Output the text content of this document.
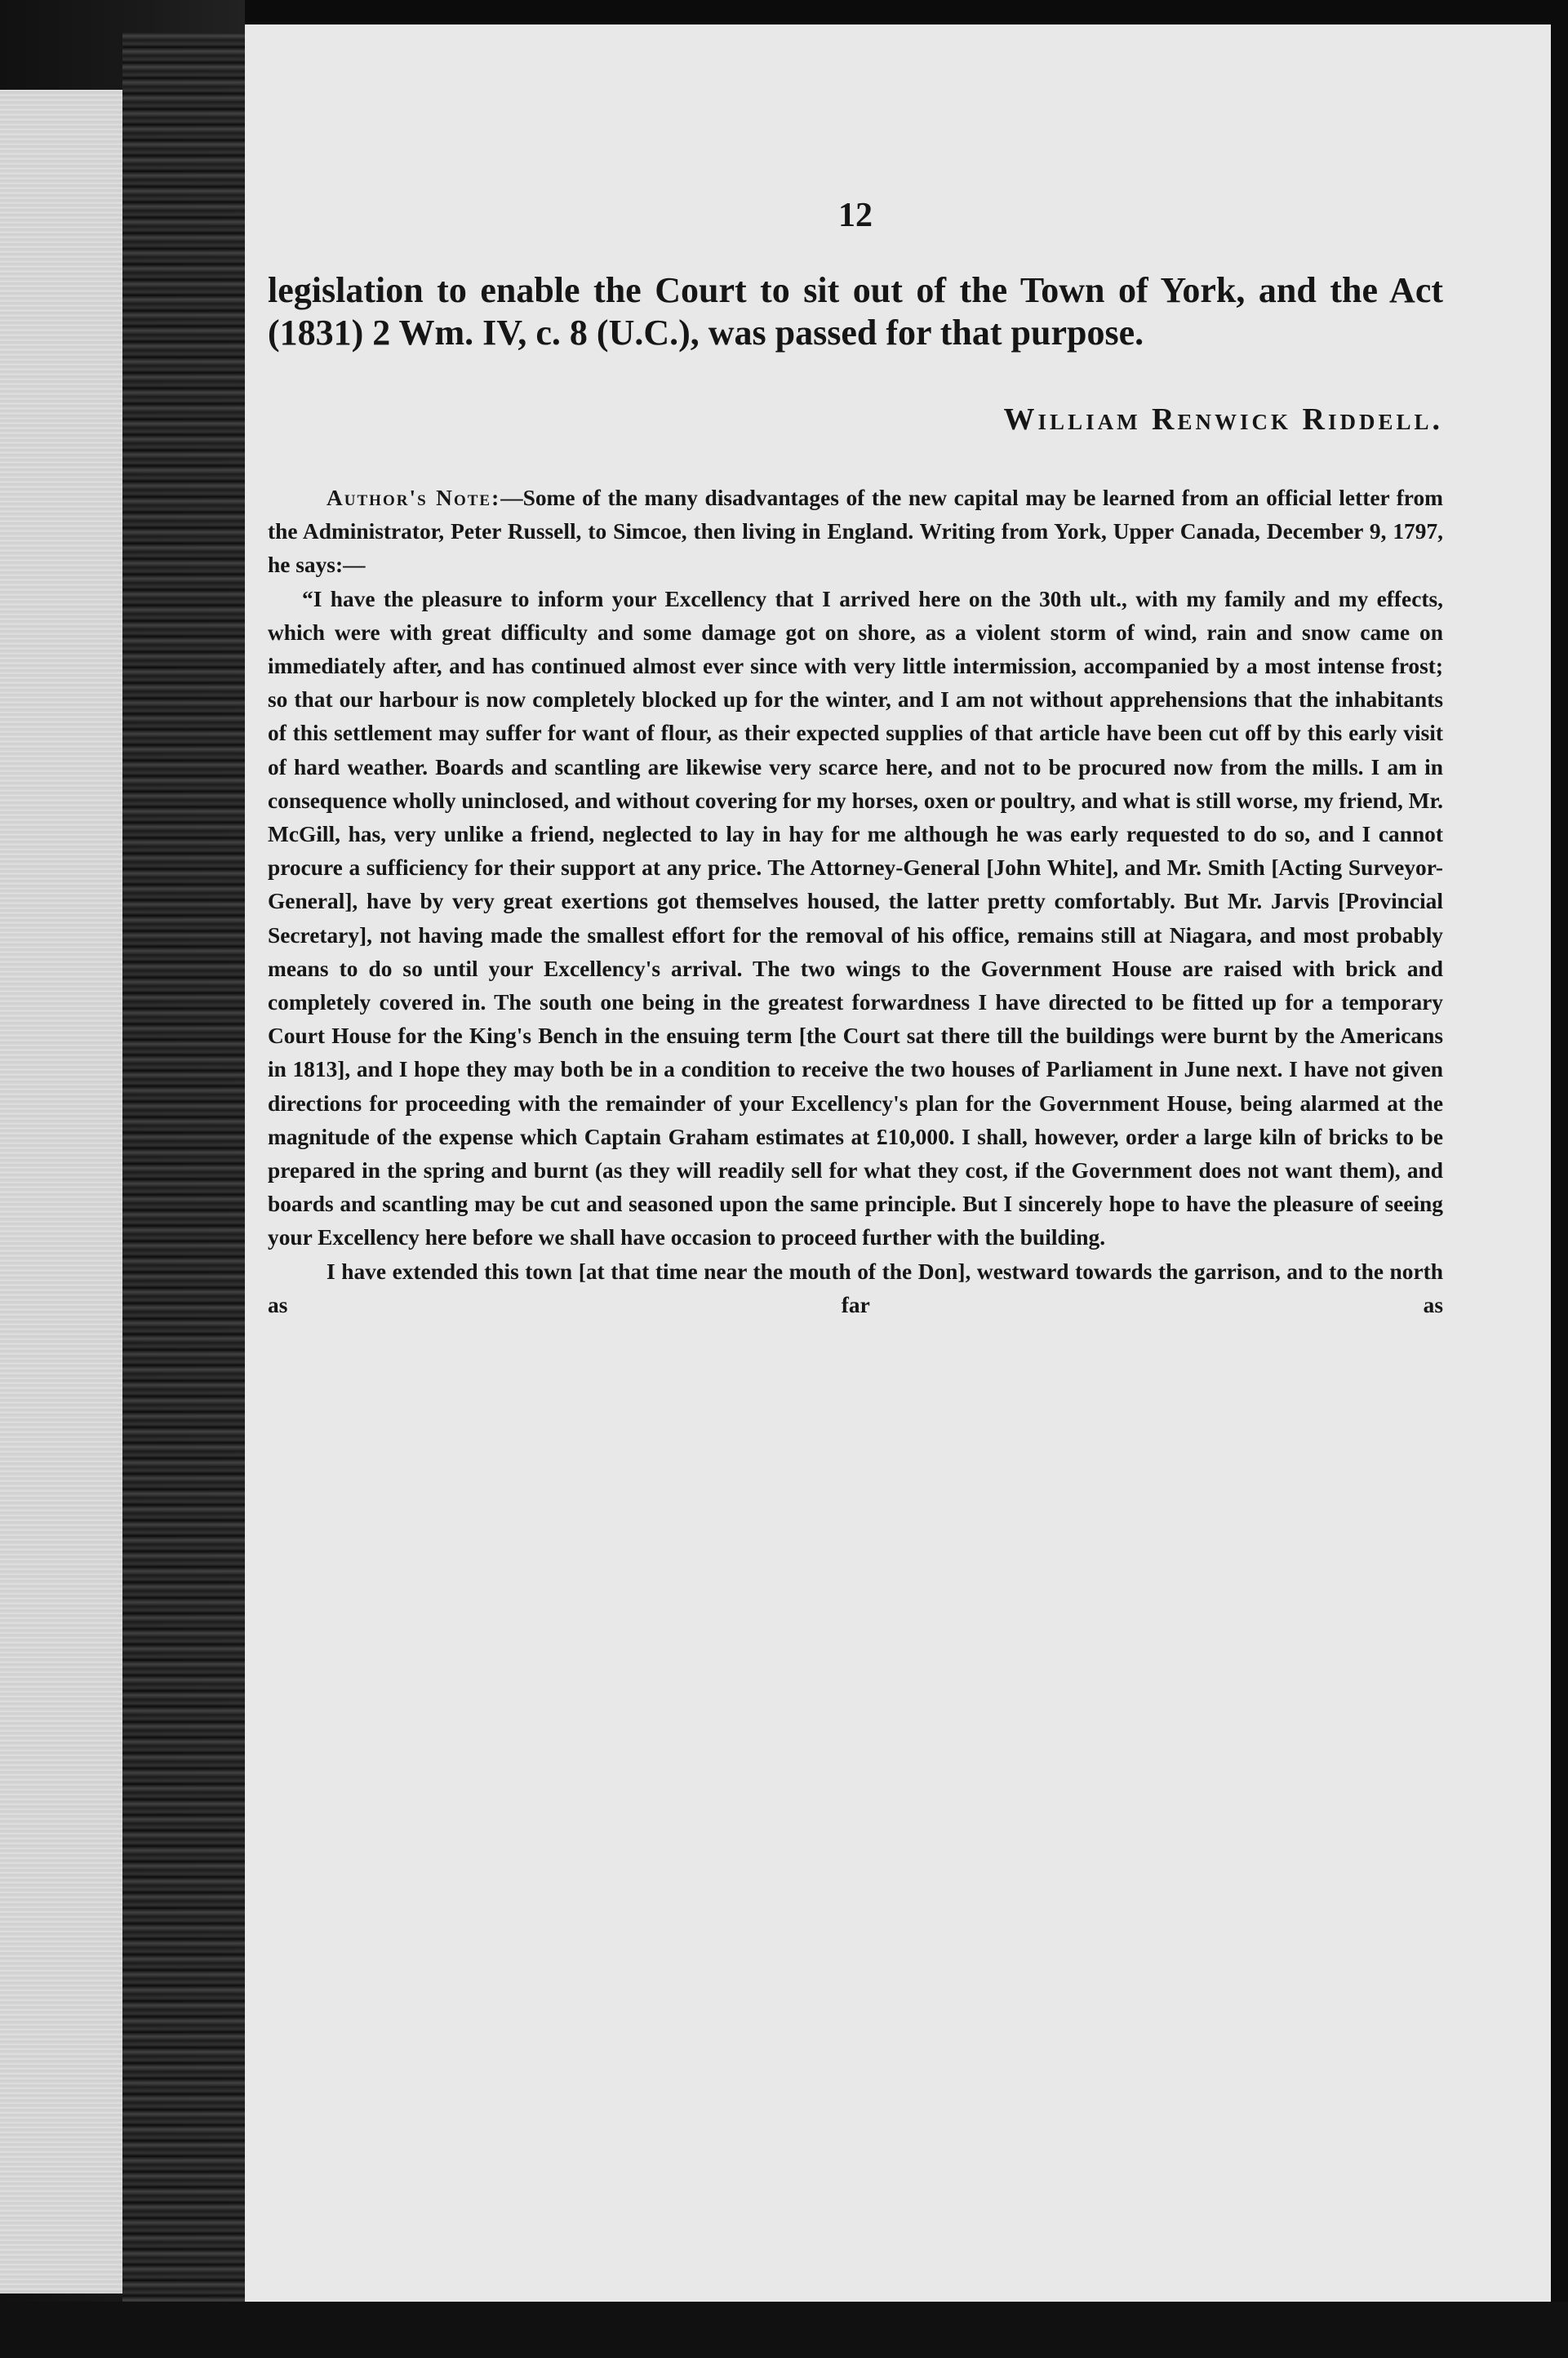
12

legislation to enable the Court to sit out of the Town of York, and the Act (1831) 2 Wm. IV, c. 8 (U.C.), was passed for that purpose.

William Renwick Riddell.

Author's Note:—Some of the many disadvantages of the new capital may be learned from an official letter from the Administrator, Peter Russell, to Simcoe, then living in England. Writing from York, Upper Canada, December 9, 1797, he says:—

“I have the pleasure to inform your Excellency that I arrived here on the 30th ult., with my family and my effects, which were with great difficulty and some damage got on shore, as a violent storm of wind, rain and snow came on immediately after, and has continued almost ever since with very little intermission, accompanied by a most intense frost; so that our harbour is now completely blocked up for the winter, and I am not without apprehensions that the inhabitants of this settlement may suffer for want of flour, as their expected supplies of that article have been cut off by this early visit of hard weather. Boards and scantling are likewise very scarce here, and not to be procured now from the mills. I am in consequence wholly uninclosed, and without covering for my horses, oxen or poultry, and what is still worse, my friend, Mr. McGill, has, very unlike a friend, neglected to lay in hay for me although he was early requested to do so, and I cannot procure a sufficiency for their support at any price. The Attorney-General [John White], and Mr. Smith [Acting Surveyor-General], have by very great exertions got themselves housed, the latter pretty comfortably. But Mr. Jarvis [Provincial Secretary], not having made the smallest effort for the removal of his office, remains still at Niagara, and most probably means to do so until your Excellency's arrival. The two wings to the Government House are raised with brick and completely covered in. The south one being in the greatest forwardness I have directed to be fitted up for a temporary Court House for the King's Bench in the ensuing term [the Court sat there till the buildings were burnt by the Americans in 1813], and I hope they may both be in a condition to receive the two houses of Parliament in June next. I have not given directions for proceeding with the remainder of your Excellency's plan for the Government House, being alarmed at the magnitude of the expense which Captain Graham estimates at £10,000. I shall, however, order a large kiln of bricks to be prepared in the spring and burnt (as they will readily sell for what they cost, if the Government does not want them), and boards and scantling may be cut and seasoned upon the same principle. But I sincerely hope to have the pleasure of seeing your Excellency here before we shall have occasion to proceed further with the building.

I have extended this town [at that time near the mouth of the Don], westward towards the garrison, and to the north as far as
